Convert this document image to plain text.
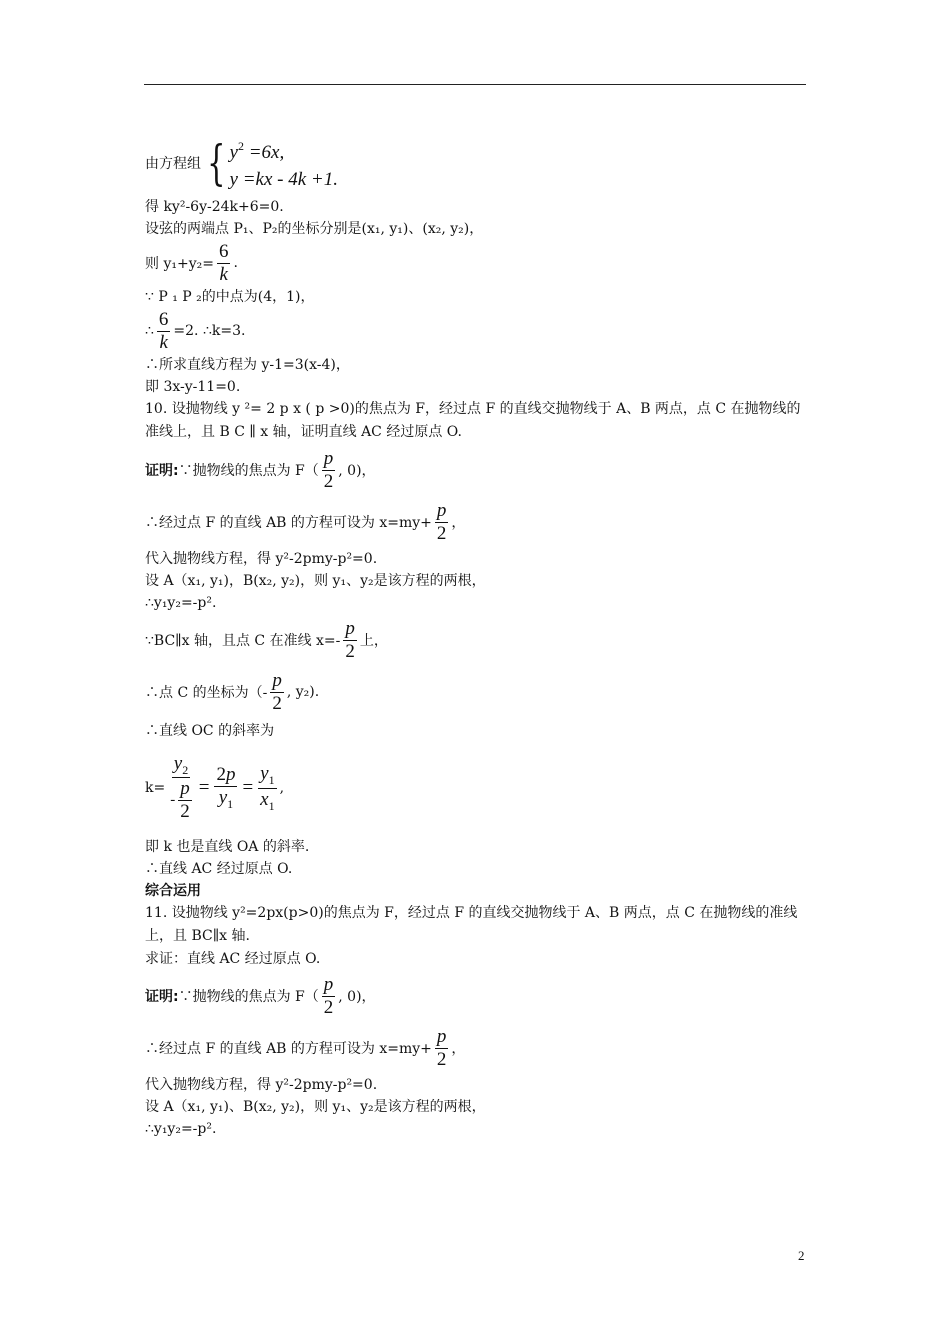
由方程组 { $y^2 =6x$,
y =kx - 4k +1.
得 ky²-6y-24k+6=0.
设弦的两端点 P₁、P₂的坐标分别是(x₁, y₁)、(x₂, y₂)，
则 $y_1+y_2= \frac{6}{k}$ .
∵ P ₁ P ₂的中点为(4，1)，
∴ $\frac{6}{k} =2$. ∴k=3.
∴所求直线方程为 y-1=3(x-4)，
即 3x-y-11=0.
10. 设抛物线 y ²= 2 p x ( p >0)的焦点为 F，经过点 F 的直线交抛物线于 A、B 两点，点 C 在抛物线的准线上，且 B C ∥ x 轴，证明直线 AC 经过原点 O.
证明: ∵抛物线的焦点为 $F( \frac{p}{2}$ , 0)，
∴经过点 F 的直线 AB 的方程可设为 $x=my+ \frac{p}{2}$ ，
代入抛物线方程，得 y²-2pmy-p²=0.
设 A（x₁, y₁)，B(x₂, y₂)，则 y₁、y₂是该方程的两根，
∴y₁y₂=-p².
∵BC∥x 轴，且点 C 在准线 $x=- \frac{p}{2}$ 上，
∴点 C 的坐标为（- $\frac{p}{2}$ , y₂).
∴直线 OC 的斜率为
$k= \frac{y_2}{- \frac{p}{2}} = \frac{2p}{y_1} = \frac{y_1}{x_1}$ ,
即 k 也是直线 OA 的斜率.
∴直线 AC 经过原点 O.
综合运用
11. 设抛物线 y²=2px(p>0)的焦点为 F，经过点 F 的直线交抛物线于 A、B 两点，点 C 在抛物线的准线上，且 BC∥x 轴.
求证：直线 AC 经过原点 O.
证明: ∵抛物线的焦点为 $F( \frac{p}{2}$ , 0)，
∴经过点 F 的直线 AB 的方程可设为 $x=my+ \frac{p}{2}$ ，
代入抛物线方程，得 y²-2pmy-p²=0.
设 A（x₁, y₁)、B(x₂, y₂)，则 y₁、y₂是该方程的两根，
∴y₁y₂=-p².
2
